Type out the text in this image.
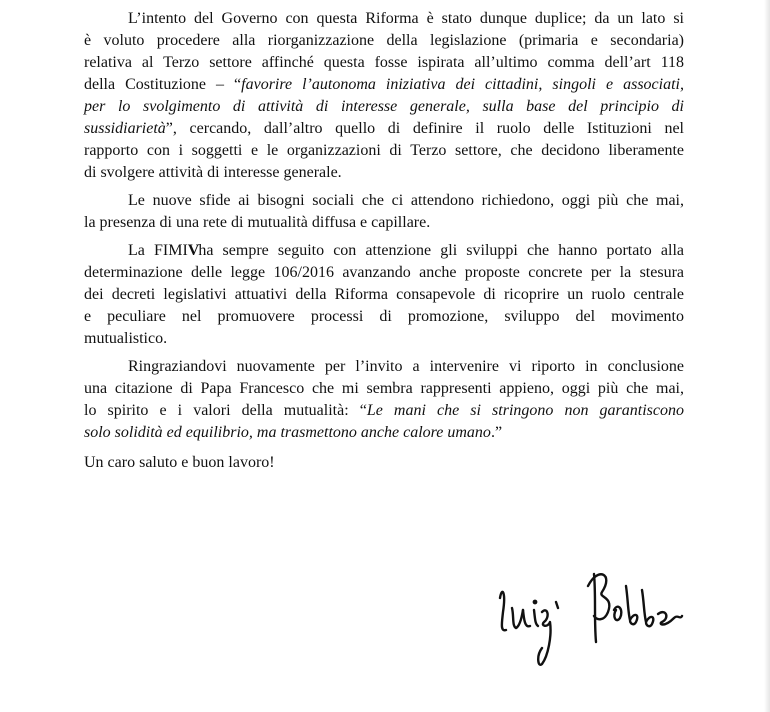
L’intento del Governo con questa Riforma è stato dunque duplice; da un lato si
è voluto procedere alla riorganizzazione della legislazione (primaria e secondaria)
relativa al Terzo settore affinché questa fosse ispirata all’ultimo comma dell’art 118
della Costituzione – “favorire l’autonoma iniziativa dei cittadini, singoli e associati,
per lo svolgimento di attività di interesse generale, sulla base del principio di
sussidiarietà”, cercando, dall’altro quello di definire il ruolo delle Istituzioni nel
rapporto con i soggetti e le organizzazioni di Terzo settore, che decidono liberamente
di svolgere attività di interesse generale.

Le nuove sfide ai bisogni sociali che ci attendono richiedono, oggi più che mai,
la presenza di una rete di mutualità diffusa e capillare.

La FIMIVha sempre seguito con attenzione gli sviluppi che hanno portato alla
determinazione delle legge 106/2016 avanzando anche proposte concrete per la stesura
dei decreti legislativi attuativi della Riforma consapevole di ricoprire un ruolo centrale
e peculiare nel promuovere processi di promozione, sviluppo del movimento
mutualistico.

Ringraziandovi nuovamente per l’invito a intervenire vi riporto in conclusione
una citazione di Papa Francesco che mi sembra rappresenti appieno, oggi più che mai,
lo spirito e i valori della mutualità: “Le mani che si stringono non garantiscono
solo solidità ed equilibrio, ma trasmettono anche calore umano.”

Un caro saluto e buon lavoro!
